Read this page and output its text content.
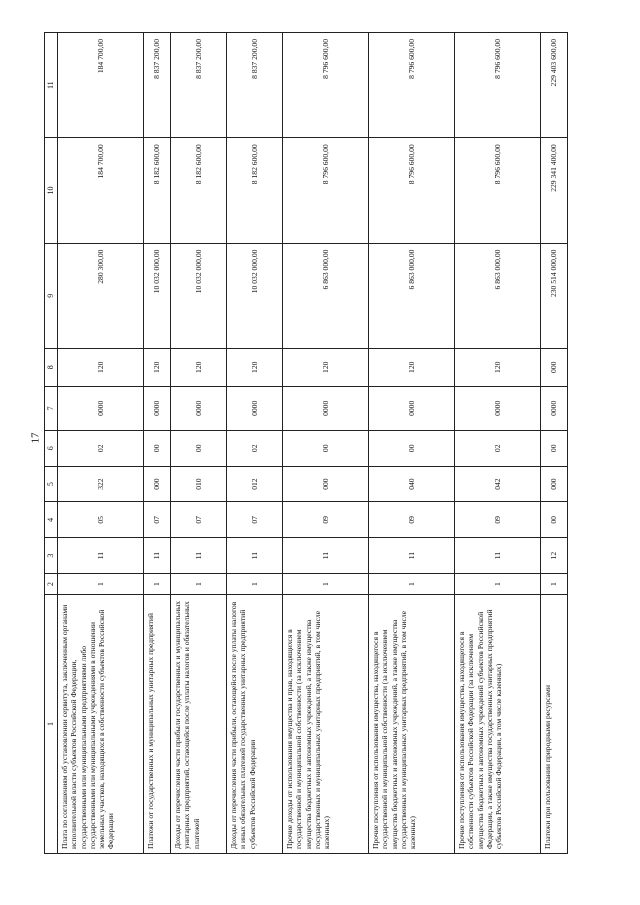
17
1	2	3	4	5	6	7	8	9	10	11
Плата по соглашениям об установлении сервитута, заключенным органами исполнительной власти субъектов Российской Федерации, государственными или муниципальными предприятиями либо государственными или муниципальными учреждениями в отношении земельных участков, находящихся в собственности субъектов Российской Федерации	1	11	05	322	02	0000	120	280 300,00	184 700,00	184 700,00
Платежи от государственных и муниципальных унитарных предприятий	1	11	07	000	00	0000	120	10 032 000,00	8 182 600,00	8 837 200,00
Доходы от перечисления части прибыли государственных и муниципальных унитарных предприятий, остающейся после уплаты налогов и обязательных платежей	1	11	07	010	00	0000	120	10 032 000,00	8 182 600,00	8 837 200,00
Доходы от перечисления части прибыли, остающейся после уплаты налогов и иных обязательных платежей государственных унитарных предприятий субъектов Российской Федерации	1	11	07	012	02	0000	120	10 032 000,00	8 182 600,00	8 837 200,00
Прочие доходы от использования имущества и прав, находящихся в государственной и муниципальной собственности (за исключением имущества бюджетных и автономных учреждений, а также имущества государственных и муниципальных унитарных предприятий, в том числе казенных)	1	11	09	000	00	0000	120	6 863 000,00	8 796 600,00	8 796 600,00
Прочие поступления от использования имущества, находящегося в государственной и муниципальной собственности (за исключением имущества бюджетных и автономных учреждений, а также имущества государственных и муниципальных унитарных предприятий, в том числе казенных)	1	11	09	040	00	0000	120	6 863 000,00	8 796 600,00	8 796 600,00
Прочие поступления от использования имущества, находящегося в собственности субъектов Российской Федерации (за исключением имущества бюджетных и автономных учреждений субъектов Российской Федерации, а также имущества государственных унитарных предприятий субъектов Российской Федерации, в том числе казенных)	1	11	09	042	02	0000	120	6 863 000,00	8 796 600,00	8 796 600,00
Платежи при пользовании природными ресурсами	1	12	00	000	00	0000	000	230 514 000,00	229 341 400,00	229 403 600,00
